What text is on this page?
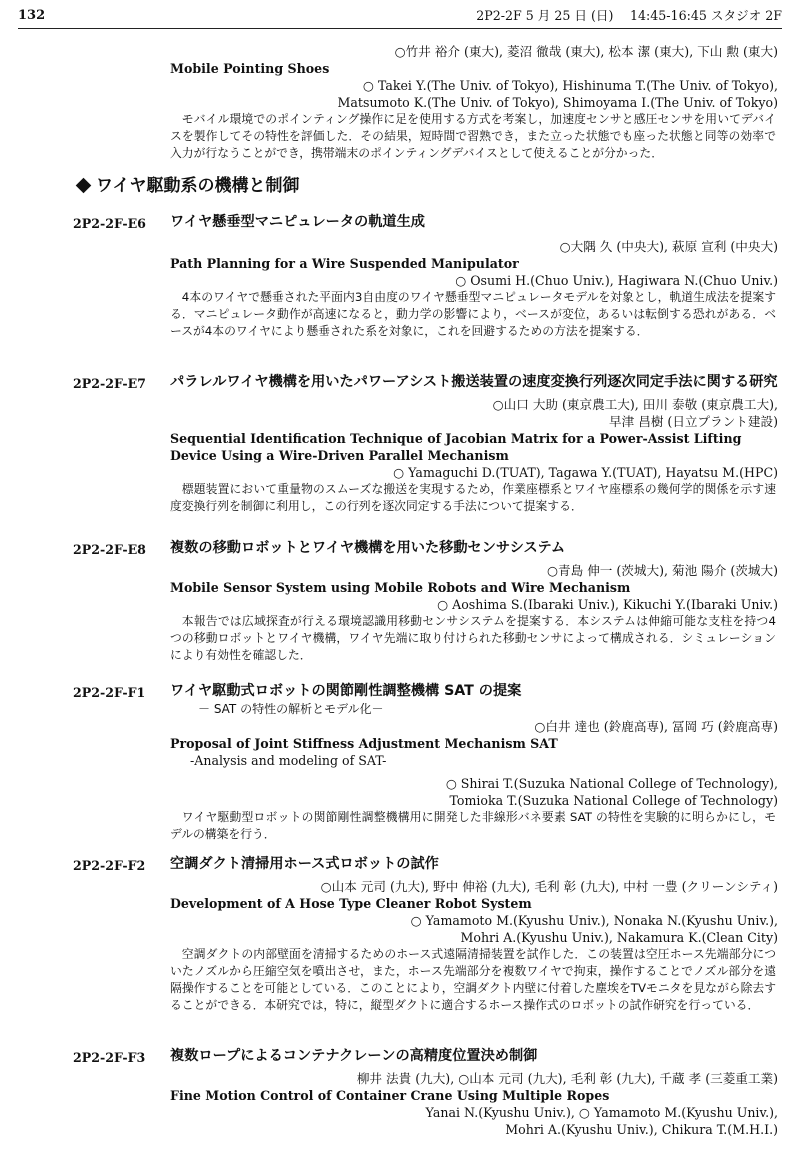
132	2P2-2F 5 月 25 日 (日)　 14:45-16:45 スタジオ 2F
○竹井 裕介 (東大), 菱沼 徹哉 (東大), 松本 潔 (東大), 下山 勲 (東大)
Mobile Pointing Shoes
○ Takei Y.(The Univ. of Tokyo), Hishinuma T.(The Univ. of Tokyo),
Matsumoto K.(The Univ. of Tokyo), Shimoyama I.(The Univ. of Tokyo)
モバイル環境でのポインティング操作に足を使用する方式を考案し，加速度センサと感圧センサを用いてデバイスを製作してその特性を評価した．その結果，短時間で習熟でき，また立った状態でも座った状態と同等の効率で入力が行なうことができ，携帯端末のポインティングデバイスとして使えることが分かった．
ワイヤ駆動系の機構と制御
2P2-2F-E6	ワイヤ懸垂型マニピュレータの軌道生成
○大隅 久 (中央大), 萩原 宣利 (中央大)
Path Planning for a Wire Suspended Manipulator
○ Osumi H.(Chuo Univ.), Hagiwara N.(Chuo Univ.)
4本のワイヤで懸垂された平面内3自由度のワイヤ懸垂型マニピュレータモデルを対象とし，軌道生成法を提案する．マニピュレータ動作が高速になると，動力学の影響により，ベースが変位，あるいは転倒する恐れがある．ベースが4本のワイヤにより懸垂された系を対象に，これを回避するための方法を提案する．
2P2-2F-E7	パラレルワイヤ機構を用いたパワーアシスト搬送装置の速度変換行列逐次同定手法に関する研究
○山口 大助 (東京農工大), 田川 泰敬 (東京農工大),
早津 昌樹 (日立プラント建設)
Sequential Identification Technique of Jacobian Matrix for a Power-Assist Lifting Device Using a Wire-Driven Parallel Mechanism
○ Yamaguchi D.(TUAT), Tagawa Y.(TUAT), Hayatsu M.(HPC)
標題装置において重量物のスムーズな搬送を実現するため，作業座標系とワイヤ座標系の幾何学的関係を示す速度変換行列を制御に利用し，この行列を逐次同定する手法について提案する．
2P2-2F-E8	複数の移動ロボットとワイヤ機構を用いた移動センサシステム
○青島 伸一 (茨城大), 菊池 陽介 (茨城大)
Mobile Sensor System using Mobile Robots and Wire Mechanism
○ Aoshima S.(Ibaraki Univ.), Kikuchi Y.(Ibaraki Univ.)
本報告では広域探査が行える環境認識用移動センサシステムを提案する．本システムは伸縮可能な支柱を持つ4つの移動ロボットとワイヤ機構，ワイヤ先端に取り付けられた移動センサによって構成される．シミュレーションにより有効性を確認した．
2P2-2F-F1	ワイヤ駆動式ロボットの関節剛性調整機構 SAT の提案
－ SAT の特性の解析とモデル化－
○白井 達也 (鈴鹿高専), 冨岡 巧 (鈴鹿高専)
Proposal of Joint Stiffness Adjustment Mechanism SAT
-Analysis and modeling of SAT-
○ Shirai T.(Suzuka National College of Technology),
Tomioka T.(Suzuka National College of Technology)
ワイヤ駆動型ロボットの関節剛性調整機構用に開発した非線形バネ要素 SAT の特性を実験的に明らかにし，モデルの構築を行う．
2P2-2F-F2	空調ダクト清掃用ホース式ロボットの試作
○山本 元司 (九大), 野中 伸裕 (九大), 毛利 彰 (九大), 中村 一豊 (クリーンシティ)
Development of A Hose Type Cleaner Robot System
○ Yamamoto M.(Kyushu Univ.), Nonaka N.(Kyushu Univ.),
Mohri A.(Kyushu Univ.), Nakamura K.(Clean City)
空調ダクトの内部壁面を清掃するためのホース式遠隔清掃装置を試作した．この装置は空圧ホース先端部分についたノズルから圧縮空気を噴出させ，また，ホース先端部分を複数ワイヤで拘束，操作することでノズル部分を遠隔操作することを可能としている．このことにより，空調ダクト内壁に付着した塵埃をTVモニタを見ながら除去することができる．本研究では，特に，縦型ダクトに適合するホース操作式のロボットの試作研究を行っている．
2P2-2F-F3	複数ロープによるコンテナクレーンの高精度位置決め制御
柳井 法貴 (九大), ○山本 元司 (九大), 毛利 彰 (九大), 千蔵 孝 (三菱重工業)
Fine Motion Control of Container Crane Using Multiple Ropes
Yanai N.(Kyushu Univ.), ○ Yamamoto M.(Kyushu Univ.),
Mohri A.(Kyushu Univ.), Chikura T.(M.H.I.)
